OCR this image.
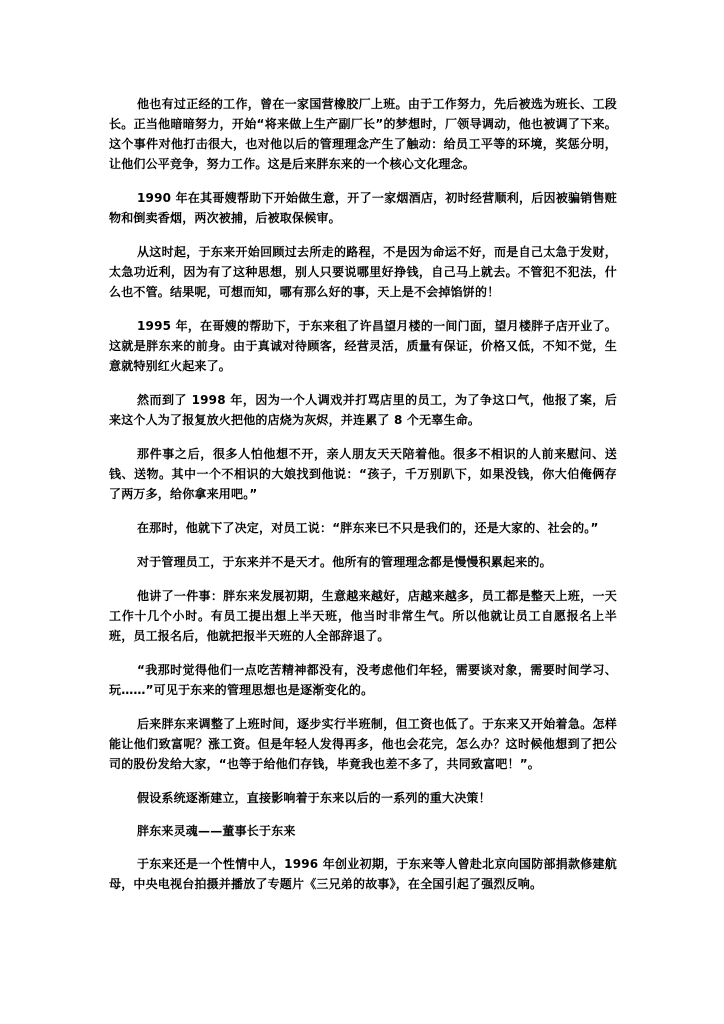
他也有过正经的工作，曾在一家国营橡胶厂上班。由于工作努力，先后被选为班长、工段长。正当他暗暗努力，开始“将来做上生产副厂长”的梦想时，厂领导调动，他也被调了下来。这个事件对他打击很大，也对他以后的管理理念产生了触动：给员工平等的环境，奖惩分明，让他们公平竞争，努力工作。这是后来胖东来的一个核心文化理念。

1990 年在其哥嫂帮助下开始做生意，开了一家烟酒店，初时经营顺利，后因被骗销售赃物和倒卖香烟，两次被捕，后被取保候审。

从这时起，于东来开始回顾过去所走的路程，不是因为命运不好，而是自己太急于发财，太急功近利，因为有了这种思想，别人只要说哪里好挣钱，自己马上就去。不管犯不犯法，什么也不管。结果呢，可想而知，哪有那么好的事，天上是不会掉馅饼的！

1995 年，在哥嫂的帮助下，于东来租了许昌望月楼的一间门面，望月楼胖子店开业了。这就是胖东来的前身。由于真诚对待顾客，经营灵活，质量有保证，价格又低，不知不觉，生意就特别红火起来了。

然而到了 1998 年，因为一个人调戏并打骂店里的员工，为了争这口气，他报了案，后来这个人为了报复放火把他的店烧为灰烬，并连累了 8 个无辜生命。

那件事之后，很多人怕他想不开，亲人朋友天天陪着他。很多不相识的人前来慰问、送钱、送物。其中一个不相识的大娘找到他说：“孩子，千万别趴下，如果没钱，你大伯俺俩存了两万多，给你拿来用吧。”

在那时，他就下了决定，对员工说：“胖东来已不只是我们的，还是大家的、社会的。”

对于管理员工，于东来并不是天才。他所有的管理理念都是慢慢积累起来的。

他讲了一件事：胖东来发展初期，生意越来越好，店越来越多，员工都是整天上班，一天工作十几个小时。有员工提出想上半天班，他当时非常生气。所以他就让员工自愿报名上半班，员工报名后，他就把报半天班的人全部辞退了。

“我那时觉得他们一点吃苦精神都没有，没考虑他们年轻，需要谈对象，需要时间学习、玩……”可见于东来的管理思想也是逐渐变化的。

后来胖东来调整了上班时间，逐步实行半班制，但工资也低了。于东来又开始着急。怎样能让他们致富呢？涨工资。但是年轻人发得再多，他也会花完，怎么办？这时候他想到了把公司的股份发给大家，“也等于给他们存钱，毕竟我也差不多了，共同致富吧！”。

假设系统逐渐建立，直接影响着于东来以后的一系列的重大决策！

胖东来灵魂——董事长于东来

于东来还是一个性情中人，1996 年创业初期，于东来等人曾赴北京向国防部捐款修建航母，中央电视台拍摄并播放了专题片《三兄弟的故事》，在全国引起了强烈反响。
